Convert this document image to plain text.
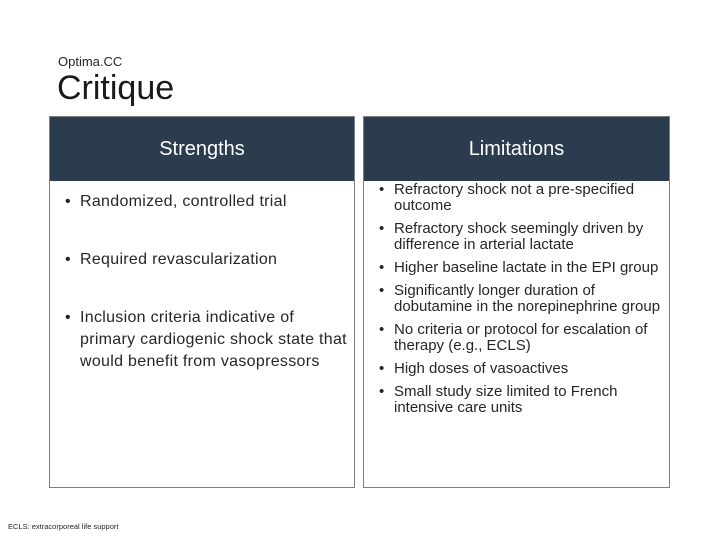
Optima.CC

Critique
Strengths
• Randomized, controlled trial
• Required revascularization
• Inclusion criteria indicative of primary cardiogenic shock state that would benefit from vasopressors
Limitations
• Refractory shock not a pre-specified outcome
• Refractory shock seemingly driven by difference in arterial lactate
• Higher baseline lactate in the EPI group
• Significantly longer duration of dobutamine in the norepinephrine group
• No criteria or protocol for escalation of therapy (e.g., ECLS)
• High doses of vasoactives
• Small study size limited to French intensive care units

ECLS: extracorporeal life support
